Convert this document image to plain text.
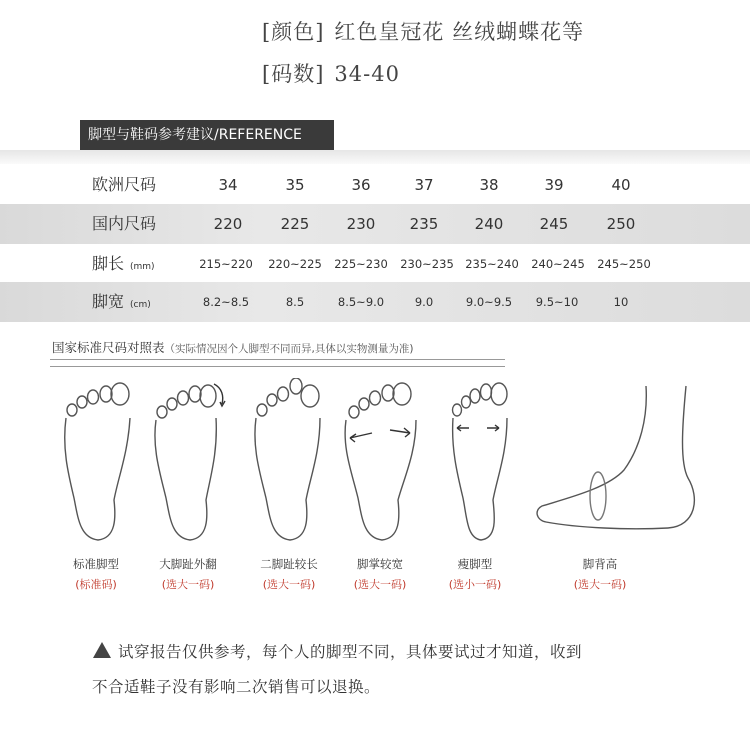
[颜色] 红色皇冠花 丝绒蝴蝶花等
[码数] 34-40
脚型与鞋码参考建议/REFERENCE
欧洲尺码	34	35	36	37	38	39	40
国内尺码	220	225	230	235	240	245	250
脚长 (mm)	215~220	220~225	225~230	230~235 235~240	240~245	245~250
脚宽 (cm)	8.2~8.5	8.5	8.5~9.0	9.0	9.0~9.5	9.5~10	10
国家标准尺码对照表（实际情况因个人脚型不同而异,具体以实物测量为准)
标准脚型
(标准码)
大脚趾外翻
(选大一码)
二脚趾较长
(选大一码)
脚掌较宽
(选大一码)
瘦脚型
(选小一码)
脚背高
(选大一码)
试穿报告仅供参考，每个人的脚型不同，具体要试过才知道，收到
不合适鞋子没有影响二次销售可以退换。
